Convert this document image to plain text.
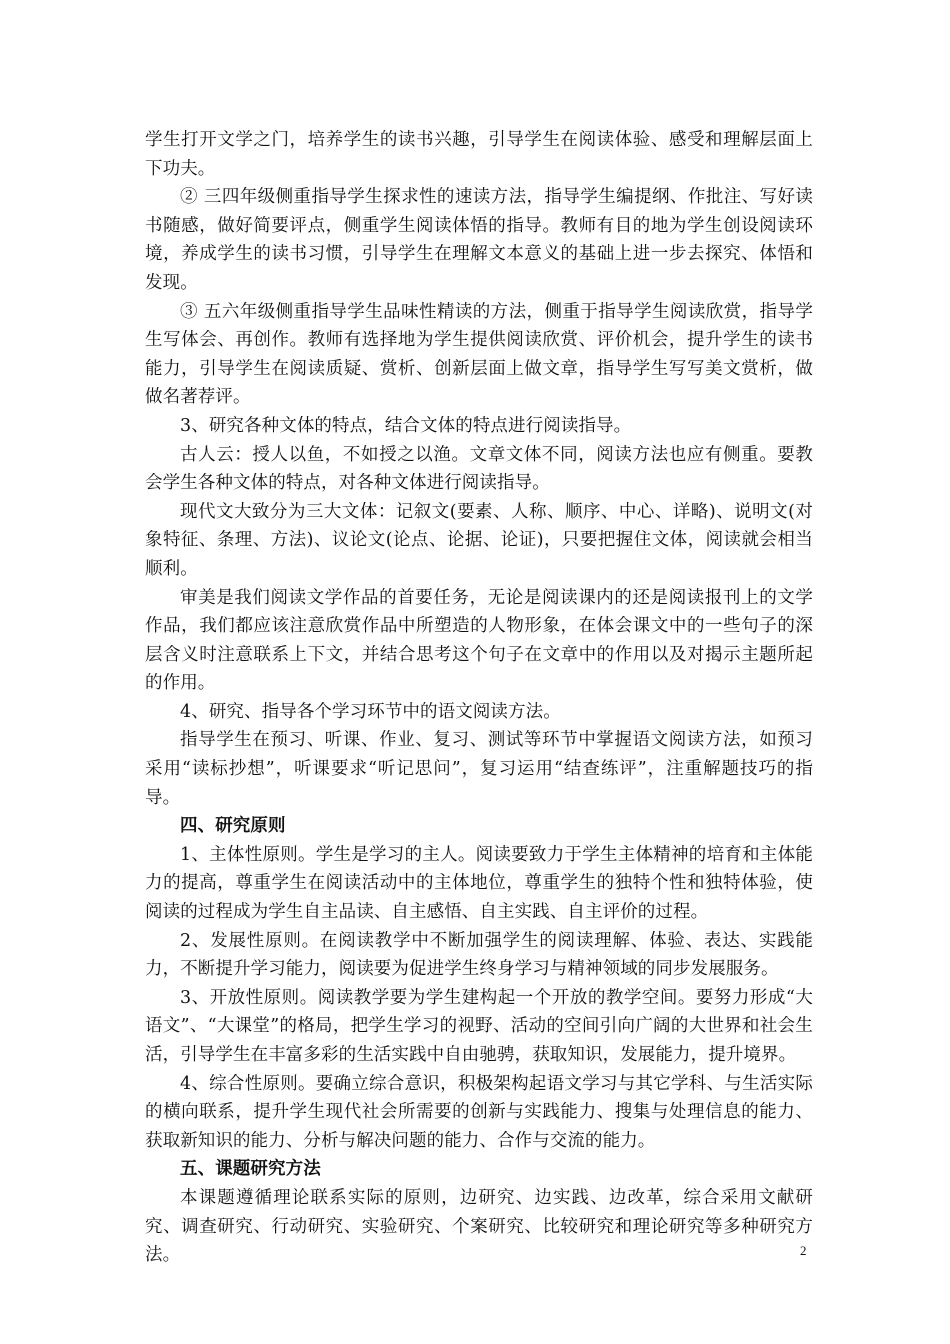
学生打开文学之门，培养学生的读书兴趣，引导学生在阅读体验、感受和理解层面上下功夫。

② 三四年级侧重指导学生探求性的速读方法，指导学生编提纲、作批注、写好读书随感，做好简要评点，侧重学生阅读体悟的指导。教师有目的地为学生创设阅读环境，养成学生的读书习惯，引导学生在理解文本意义的基础上进一步去探究、体悟和发现。

③ 五六年级侧重指导学生品味性精读的方法，侧重于指导学生阅读欣赏，指导学生写体会、再创作。教师有选择地为学生提供阅读欣赏、评价机会，提升学生的读书能力，引导学生在阅读质疑、赏析、创新层面上做文章，指导学生写写美文赏析，做做名著荐评。

3、研究各种文体的特点，结合文体的特点进行阅读指导。

古人云：授人以鱼，不如授之以渔。文章文体不同，阅读方法也应有侧重。要教会学生各种文体的特点，对各种文体进行阅读指导。

现代文大致分为三大文体：记叙文(要素、人称、顺序、中心、详略)、说明文(对象特征、条理、方法)、议论文(论点、论据、论证)，只要把握住文体，阅读就会相当顺利。

审美是我们阅读文学作品的首要任务，无论是阅读课内的还是阅读报刊上的文学作品，我们都应该注意欣赏作品中所塑造的人物形象，在体会课文中的一些句子的深层含义时注意联系上下文，并结合思考这个句子在文章中的作用以及对揭示主题所起的作用。

4、研究、指导各个学习环节中的语文阅读方法。

指导学生在预习、听课、作业、复习、测试等环节中掌握语文阅读方法，如预习采用“读标抄想”，听课要求“听记思问”，复习运用“结查练评”，注重解题技巧的指导。

四、研究原则

1、主体性原则。学生是学习的主人。阅读要致力于学生主体精神的培育和主体能力的提高，尊重学生在阅读活动中的主体地位，尊重学生的独特个性和独特体验，使阅读的过程成为学生自主品读、自主感悟、自主实践、自主评价的过程。

2、发展性原则。在阅读教学中不断加强学生的阅读理解、体验、表达、实践能力，不断提升学习能力，阅读要为促进学生终身学习与精神领域的同步发展服务。

3、开放性原则。阅读教学要为学生建构起一个开放的教学空间。要努力形成“大语文”、“大课堂”的格局，把学生学习的视野、活动的空间引向广阔的大世界和社会生活，引导学生在丰富多彩的生活实践中自由驰骋，获取知识，发展能力，提升境界。

4、综合性原则。要确立综合意识，积极架构起语文学习与其它学科、与生活实际的横向联系，提升学生现代社会所需要的创新与实践能力、搜集与处理信息的能力、获取新知识的能力、分析与解决问题的能力、合作与交流的能力。

五、课题研究方法

本课题遵循理论联系实际的原则，边研究、边实践、边改革，综合采用文献研究、调查研究、行动研究、实验研究、个案研究、比较研究和理论研究等多种研究方法。	2
